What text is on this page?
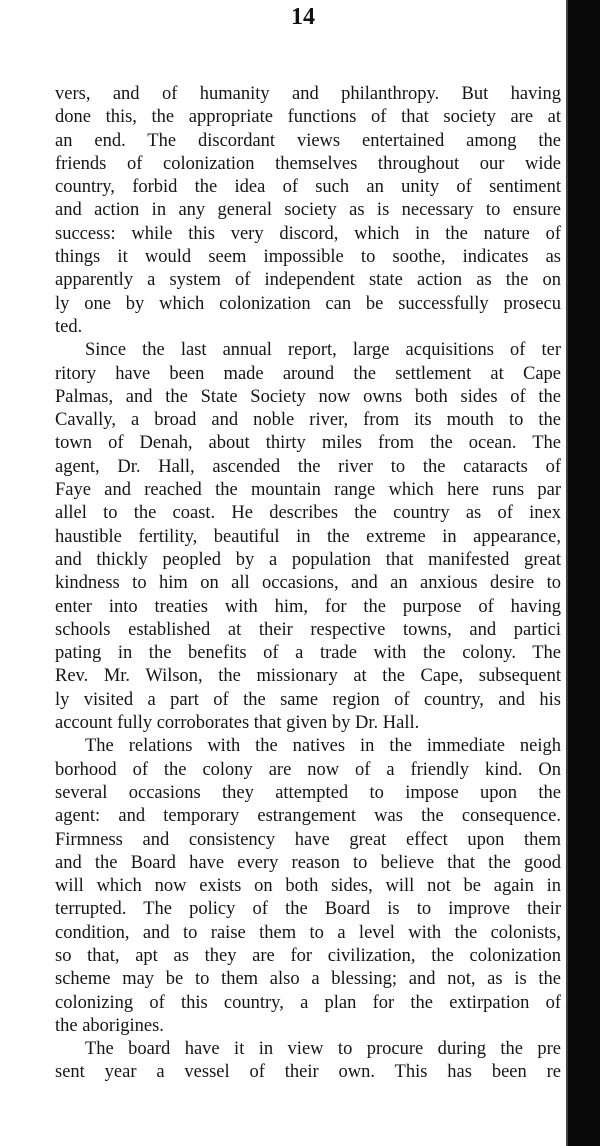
14
vers, and of humanity and philanthropy. But having
done this, the appropriate functions of that society are at
an end. The discordant views entertained among the
friends of colonization themselves throughout our wide
country, forbid the idea of such an unity of sentiment
and action in any general society as is necessary to ensure
success: while this very discord, which in the nature of
things it would seem impossible to soothe, indicates as
apparently a system of independent state action as the on
ly one by which colonization can be successfully prosecu
ted.
Since the last annual report, large acquisitions of ter
ritory have been made around the settlement at Cape
Palmas, and the State Society now owns both sides of the
Cavally, a broad and noble river, from its mouth to the
town of Denah, about thirty miles from the ocean. The
agent, Dr. Hall, ascended the river to the cataracts of
Faye and reached the mountain range which here runs par
allel to the coast. He describes the country as of inex
haustible fertility, beautiful in the extreme in appearance,
and thickly peopled by a population that manifested great
kindness to him on all occasions, and an anxious desire to
enter into treaties with him, for the purpose of having
schools established at their respective towns, and partici
pating in the benefits of a trade with the colony. The
Rev. Mr. Wilson, the missionary at the Cape, subsequent
ly visited a part of the same region of country, and his
account fully corroborates that given by Dr. Hall.
The relations with the natives in the immediate neigh
borhood of the colony are now of a friendly kind. On
several occasions they attempted to impose upon the
agent: and temporary estrangement was the consequence.
Firmness and consistency have great effect upon them
and the Board have every reason to believe that the good
will which now exists on both sides, will not be again in
terrupted. The policy of the Board is to improve their
condition, and to raise them to a level with the colonists,
so that, apt as they are for civilization, the colonization
scheme may be to them also a blessing; and not, as is the
colonizing of this country, a plan for the extirpation of
the aborigines.
The board have it in view to procure during the pre
sent year a vessel of their own. This has been re
